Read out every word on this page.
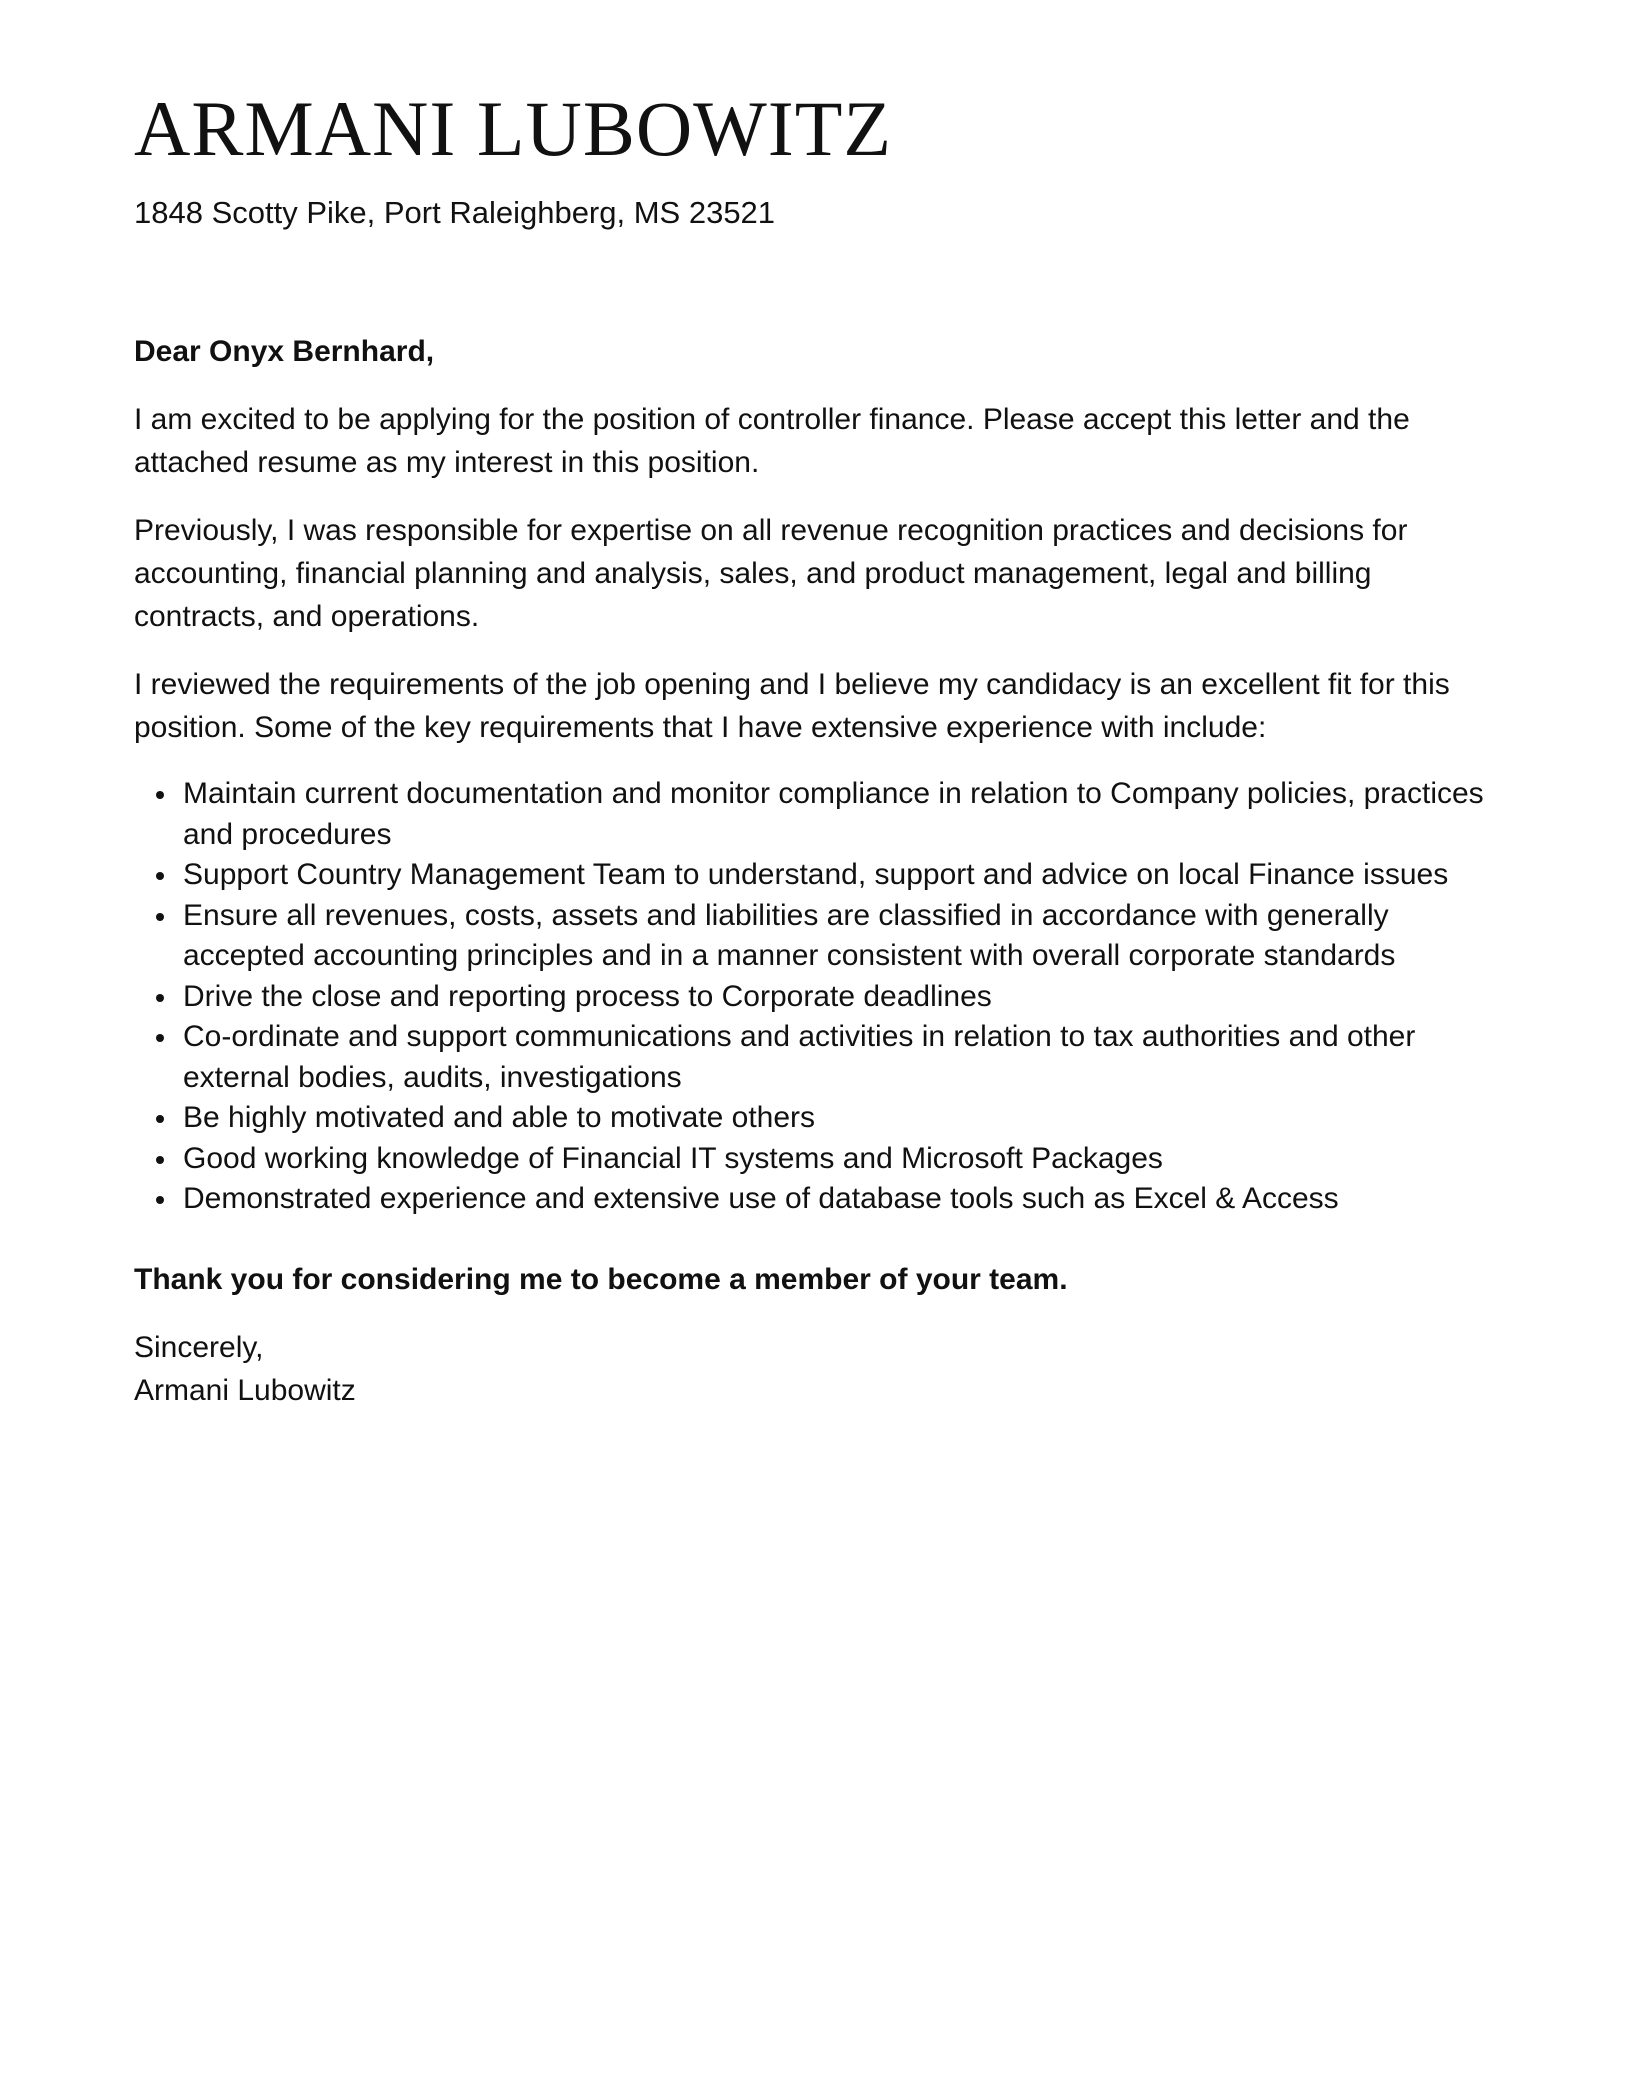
ARMANI LUBOWITZ
1848 Scotty Pike, Port Raleighberg, MS 23521

Dear Onyx Bernhard,

I am excited to be applying for the position of controller finance. Please accept this letter and the attached resume as my interest in this position.

Previously, I was responsible for expertise on all revenue recognition practices and decisions for accounting, financial planning and analysis, sales, and product management, legal and billing contracts, and operations.

I reviewed the requirements of the job opening and I believe my candidacy is an excellent fit for this position. Some of the key requirements that I have extensive experience with include:

Maintain current documentation and monitor compliance in relation to Company policies, practices and procedures
Support Country Management Team to understand, support and advice on local Finance issues
Ensure all revenues, costs, assets and liabilities are classified in accordance with generally accepted accounting principles and in a manner consistent with overall corporate standards
Drive the close and reporting process to Corporate deadlines
Co-ordinate and support communications and activities in relation to tax authorities and other external bodies, audits, investigations
Be highly motivated and able to motivate others
Good working knowledge of Financial IT systems and Microsoft Packages
Demonstrated experience and extensive use of database tools such as Excel & Access

Thank you for considering me to become a member of your team.

Sincerely,
Armani Lubowitz
